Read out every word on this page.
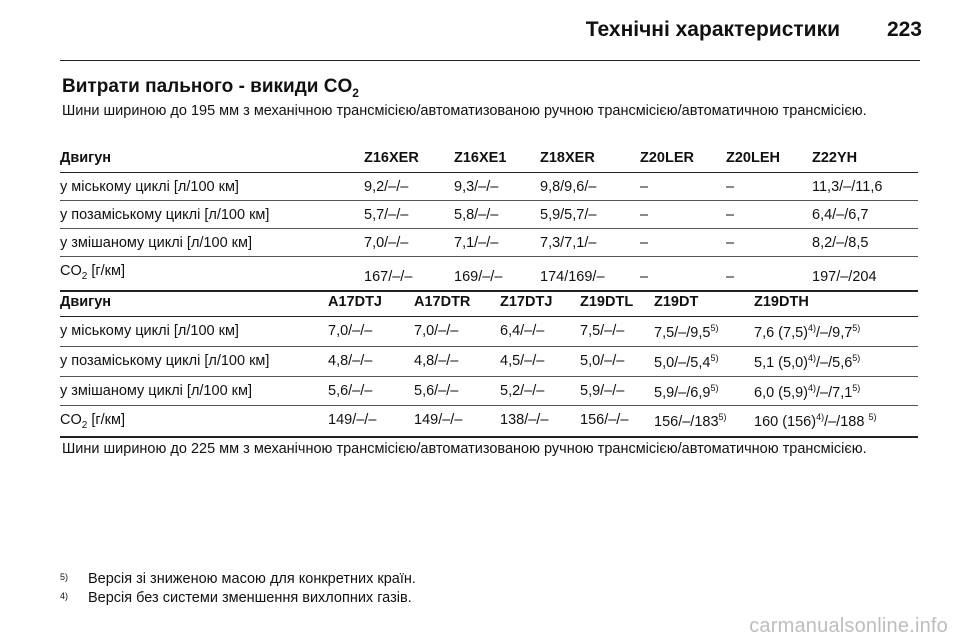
Технічні характеристики 223
Витрати пального - викиди $CO_2$
Шини шириною до 195 мм з механічною трансмісією/автоматизованою ручною трансмісією/автоматичною трансмісією.
Двигун	Z16XER	Z16XE1	Z18XER	Z20LER	Z20LEH	Z22YH
у міському циклі [л/100 км]	9,2/–/–	9,3/–/–	9,8/9,6/–	–	–	11,3/–/11,6
у позаміському циклі [л/100 км]	5,7/–/–	5,8/–/–	5,9/5,7/–	–	–	6,4/–/6,7
у змішаному циклі [л/100 км]	7,0/–/–	7,1/–/–	7,3/7,1/–	–	–	8,2/–/8,5
$CO_2$ [г/км]	167/–/–	169/–/–	174/169/–	–	–	197/–/204
Двигун	A17DTJ	A17DTR	Z17DTJ	Z19DTL	Z19DT	Z19DTH
у міському циклі [л/100 км]	7,0/–/–	7,0/–/–	6,4/–/–	7,5/–/–	7,5/–/9,5$^{5)}$	7,6 $(7,5)^{4)}/-/9,7^{5)}$
у позаміському циклі [л/100 км]	4,8/–/–	4,8/–/–	4,5/–/–	5,0/–/–	5,0/–/5,4$^{5)}$	5,1 $(5,0)^{4)}/-/5,6^{5)}$
у змішаному циклі [л/100 км]	5,6/–/–	5,6/–/–	5,2/–/–	5,9/–/–	5,9/–/6,9$^{5)}$	6,0 $(5,9)^{4)}/-/7,1^{5)}$
$CO_2$ [г/км]	149/–/–	149/–/–	138/–/–	156/–/–	156/–/183$^{5)}$	160 $(156)^{4)}/-/188$ $^{5)}$
Шини шириною до 225 мм з механічною трансмісією/автоматизованою ручною трансмісією/автоматичною трансмісією.
5)	Версія зі зниженою масою для конкретних країн.
4)	Версія без системи зменшення вихлопних газів.
carmanualsonline.info
